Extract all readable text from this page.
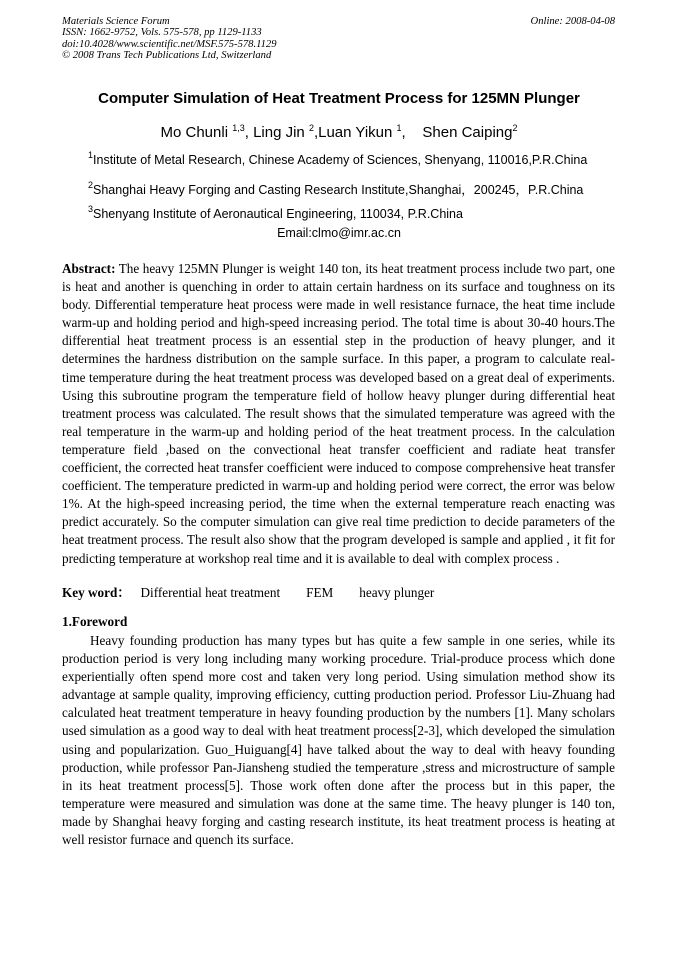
Materials Science Forum
ISSN: 1662-9752, Vols. 575-578, pp 1129-1133
doi:10.4028/www.scientific.net/MSF.575-578.1129
© 2008 Trans Tech Publications Ltd, Switzerland
Online: 2008-04-08
Computer Simulation of Heat Treatment Process for 125MN Plunger
Mo Chunli $^{1,3}$, Ling Jin $^2$,Luan Yikun $^1$,    Shen Caiping$^2$
$^1$Institute of Metal Research, Chinese Academy of Sciences, Shenyang, 110016,P.R.China
$^2$Shanghai Heavy Forging and Casting Research Institute,Shanghai，200245，P.R.China
$^3$Shenyang Institute of Aeronautical Engineering, 110034, P.R.China
Email:clmo@imr.ac.cn
Abstract: The heavy 125MN Plunger is weight 140 ton, its heat treatment process include two part, one is heat and another is quenching in order to attain certain hardness on its surface and toughness on its body. Differential temperature heat process were made in well resistance furnace, the heat time include warm-up and holding period and high-speed increasing period. The total time is about 30-40 hours.The differential heat treatment process is an essential step in the production of heavy plunger, and it determines the hardness distribution on the sample surface. In this paper, a program to calculate real-time temperature during the heat treatment process was developed based on a great deal of experiments. Using this subroutine program the temperature field of hollow heavy plunger during differential heat treatment process was calculated. The result shows that the simulated temperature was agreed with the real temperature in the warm-up and holding period of the heat treatment process. In the calculation temperature field ,based on the convectional heat transfer coefficient and radiate heat transfer coefficient, the corrected heat transfer coefficient were induced to compose comprehensive heat transfer coefficient. The temperature predicted in warm-up and holding period were correct, the error was below 1%. At the high-speed increasing period, the time when the external temperature reach enacting was predict accurately. So the computer simulation can give real time prediction to decide parameters of the heat treatment process. The result also show that the program developed is sample and applied , it fit for predicting temperature at workshop real time and it is available to deal with complex process .
Key word： Differential heat treatment FEM heavy plunger
1.Foreword
Heavy founding production has many types but has quite a few sample in one series, while its production period is very long including many working procedure. Trial-produce process which done experientially often spend more cost and taken very long period. Using simulation method show its advantage at sample quality, improving efficiency, cutting production period. Professor Liu-Zhuang had calculated heat treatment temperature in heavy founding production by the numbers [1]. Many scholars used simulation as a good way to deal with heat treatment process[2-3], which developed the simulation using and popularization. Guo_Huiguang[4] have talked about the way to deal with heavy founding production, while professor Pan-Jiansheng studied the temperature ,stress and microstructure of sample in its heat treatment process[5]. Those work often done after the process but in this paper, the temperature were measured and simulation was done at the same time. The heavy plunger is 140 ton, made by Shanghai heavy forging and casting research institute, its heat treatment process is heating at well resistor furnace and quench its surface.
